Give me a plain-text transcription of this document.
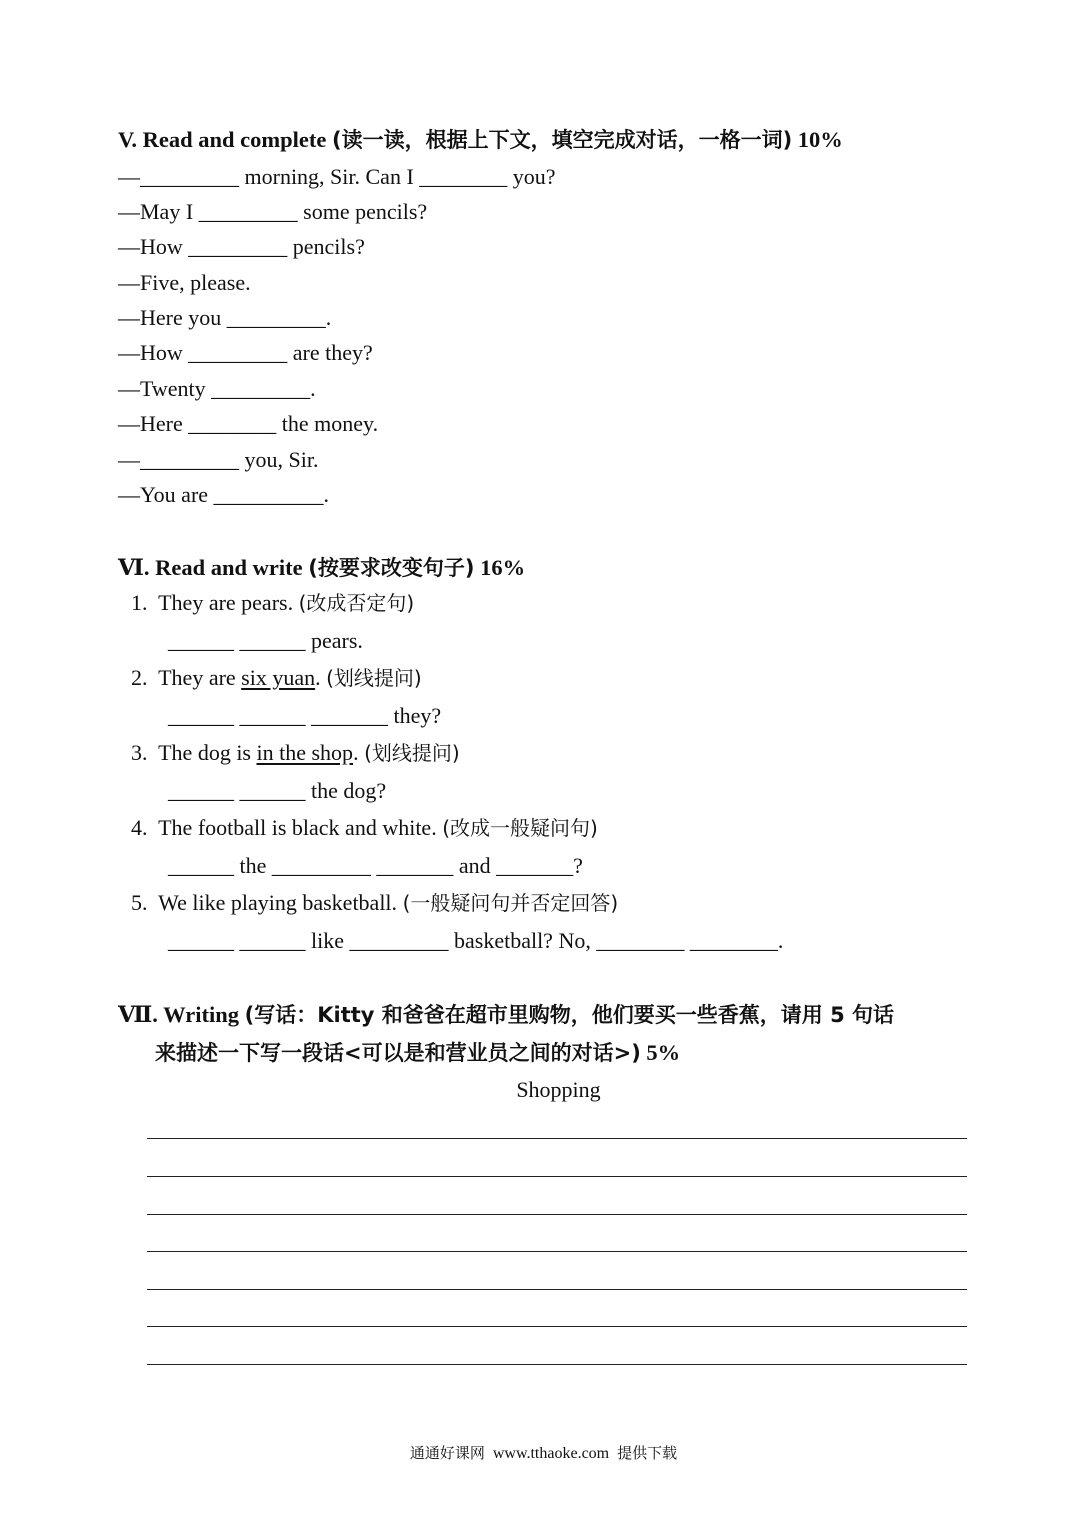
V. Read and complete (读一读，根据上下文，填空完成对话，一格一词) 10%
—_________ morning, Sir. Can I ________ you?
—May I _________ some pencils?
—How _________ pencils?
—Five, please.
—Here you _________.
—How _________ are they?
—Twenty _________.
—Here ________ the money.
—_________ you, Sir.
—You are __________.
Ⅵ. Read and write (按要求改变句子) 16%
1. They are pears. (改成否定句)
______ ______ pears.
2. They are six yuan. (划线提问)
______ ______ _______ they?
3. The dog is in the shop. (划线提问)
______ ______ the dog?
4. The football is black and white. (改成一般疑问句)
______ the _________ _______ and _______?
5. We like playing basketball. (一般疑问句并否定回答)
______ ______ like _________ basketball? No, ________ ________.
Ⅶ. Writing (写话：Kitty 和爸爸在超市里购物，他们要买一些香蕉，请用 5 句话
来描述一下写一段话<可以是和营业员之间的对话>) 5%
Shopping
通通好课网 www.tthaoke.com 提供下载
